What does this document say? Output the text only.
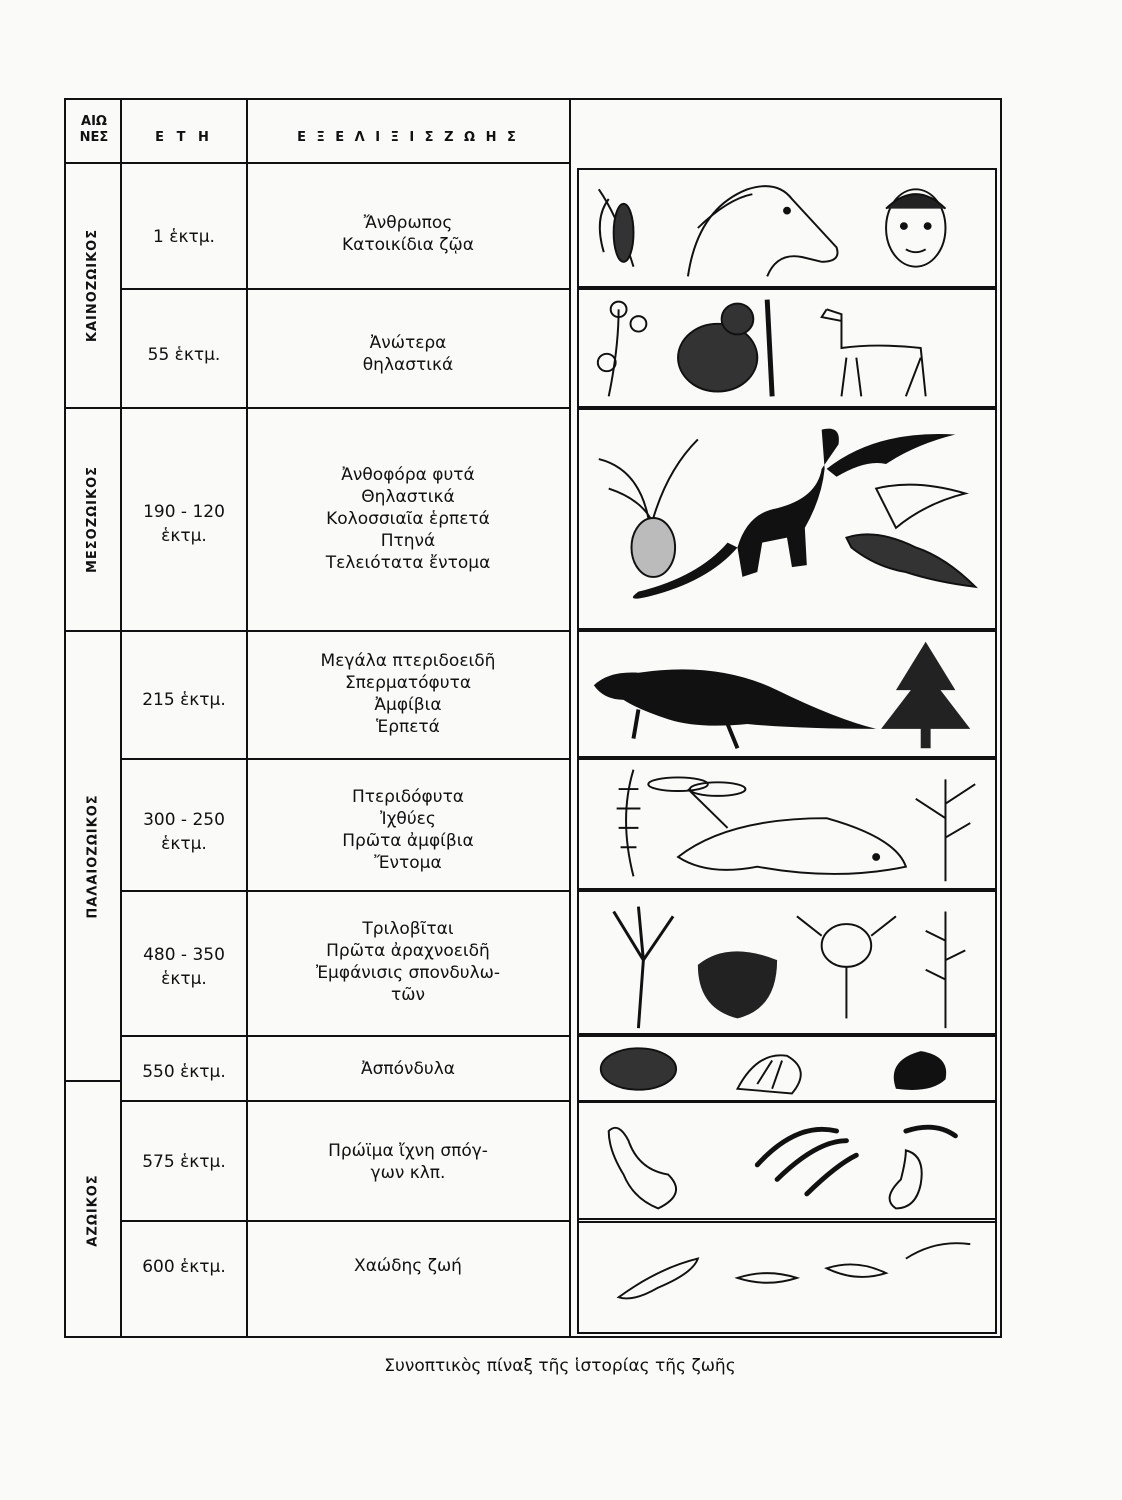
ΑΙΩ ΝΕΣ	Ε Τ Η	Ε Ξ Ε Λ Ι Ξ Ι Σ Ζ Ω Η Σ
ΚΑΙΝΟΖΩΙΚΟΣ
ΜΕΣΟΖΩΙΚΟΣ
ΠΑΛΑΙΟΖΩΙΚΟΣ
ΑΖΩΙΚΟΣ
1 ἑκτμ.
55 ἑκτμ.
190 - 120 ἑκτμ.
215 ἑκτμ.
300 - 250 ἑκτμ.
480 - 350 ἑκτμ.
550 ἑκτμ.
575 ἑκτμ.
600 ἑκτμ.
Ἄνθρωπος
Κατοικίδια ζῷα
Ἀνώτερα
θηλαστικά
Ἀνθοφόρα φυτά
Θηλαστικά
Κολοσσιαῖα ἑρπετά
Πτηνά
Τελειότατα ἔντομα
Μεγάλα πτεριδοειδῆ
Σπερματόφυτα
Ἀμφίβια
Ἑρπετά
Πτεριδόφυτα
Ἰχθύες
Πρῶτα ἀμφίβια
Ἔντομα
Τριλοβῖται
Πρῶτα ἀραχνοειδῆ
Ἐμφάνισις σπονδυλω-
τῶν
Ἀσπόνδυλα
Πρώϊμα ἴχνη σπόγ-
γων κλπ.
Χαώδης ζωή
Συνοπτικὸς πίναξ τῆς ἱστορίας τῆς ζωῆς
